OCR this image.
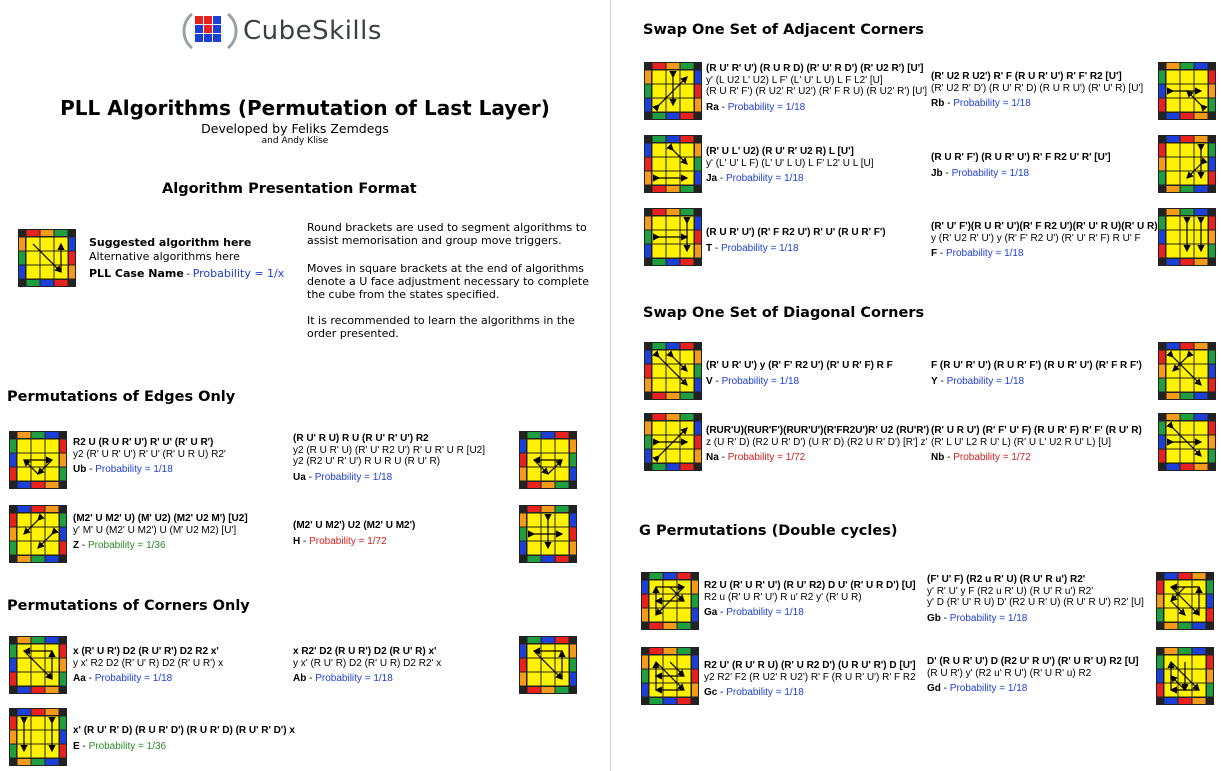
CubeSkills
PLL Algorithms (Permutation of Last Layer)
Developed by Feliks Zemdegs
and Andy Klise
Algorithm Presentation Format
Suggested algorithm here
Alternative algorithms here
PLL Case Name - Probability = 1/x
Round brackets are used to segment algorithms to assist memorisation and group move triggers.
Moves in square brackets at the end of algorithms denote a U face adjustment necessary to complete the cube from the states specified.
It is recommended to learn the algorithms in the order presented.
Permutations of Edges Only
Permutations of Corners Only
Swap One Set of Adjacent Corners
Swap One Set of Diagonal Corners
G Permutations (Double cycles)
R2 U (R U R' U') R' U' (R' U R')
y2 (R' U R' U') R' U' (R' U R U) R2'
Ub - Probability = 1/18
(R U' R U) R U (R U' R' U') R2
y2 (R U R' U) (R' U' R2 U') R' U R' U R [U2]
y2 (R2 U' R' U') R U R U (R U' R)
Ua - Probability = 1/18
(M2' U M2' U) (M' U2) (M2' U2 M') [U2]
y' M' U (M2' U M2') U (M' U2 M2) [U']
Z - Probability = 1/36
(M2' U M2') U2 (M2' U M2')
H - Probability = 1/72
x (R' U R') D2 (R U' R') D2 R2 x'
y x' R2 D2 (R' U' R) D2 (R' U R') x
Aa - Probability = 1/18
x R2' D2 (R U R') D2 (R U' R) x'
y x' (R U' R) D2 (R' U R) D2 R2' x
Ab - Probability = 1/18
x' (R U' R' D) (R U R' D') (R U R' D) (R U' R' D') x
E - Probability = 1/36
(R U' R' U') (R U R D) (R' U' R D') (R' U2 R') [U']
y' (L U2 L' U2) L F' (L' U' L U) L F L2' [U]
(R U R' F') (R U2' R' U2') (R' F R U) (R U2' R') [U']
Ra - Probability = 1/18
(R' U2 R U2') R' F (R U R' U') R' F' R2 [U']
(R' U2 R' D') (R U' R' D) (R U R U') (R' U' R) [U']
Rb - Probability = 1/18
(R' U L' U2) (R U' R' U2 R) L [U']
y' (L' U' L F) (L' U' L U) L F' L2' U L [U]
Ja - Probability = 1/18
(R U R' F') (R U R' U') R' F R2 U' R' [U']
Jb - Probability = 1/18
(R U R' U') (R' F R2 U') R' U' (R U R' F')
T - Probability = 1/18
(R' U' F')(R U R' U')(R' F R2 U')(R' U' R U)(R' U R)
y (R' U2 R' U') y (R' F' R2 U') (R' U' R' F) R U' F
F - Probability = 1/18
(R' U R' U') y (R' F' R2 U') (R' U R' F) R F
V - Probability = 1/18
F (R U' R' U') (R U R' F') (R U R' U') (R' F R F')
Y - Probability = 1/18
(RUR'U)(RUR'F')(RUR'U')(R'FR2U')R' U2 (RU'R')
z (U R' D) (R2 U R' D') (U R' D) (R2 U R' D') [R'] z'
Na - Probability = 1/72
(R' U R U') (R' F' U' F) (R U R' F) R' F' (R U' R)
(R' L U' L2 R U' L) (R' U L' U2 R U' L) [U]
Nb - Probability = 1/72
R2 U (R' U R' U') (R U' R2) D U' (R' U R D') [U]
R2 u (R' U R' U') R u' R2 y' (R' U R)
Ga - Probability = 1/18
(F' U' F) (R2 u R' U) (R U' R u') R2'
y' R' U' y F (R2 u R' U) (R U' R u') R2'
y' D (R' U' R U) D' (R2 U R' U) (R U' R U') R2' [U]
Gb - Probability = 1/18
R2 U' (R U' R U) (R' U R2 D') (U R U' R') D [U']
y2 R2' F2 (R U2' R U2') R' F (R U R' U') R' F R2
Gc - Probability = 1/18
D' (R U R' U') D (R2 U' R U') (R' U R' U) R2 [U]
(R U R') y' (R2 u' R U') (R' U R' u) R2
Gd - Probability = 1/18
